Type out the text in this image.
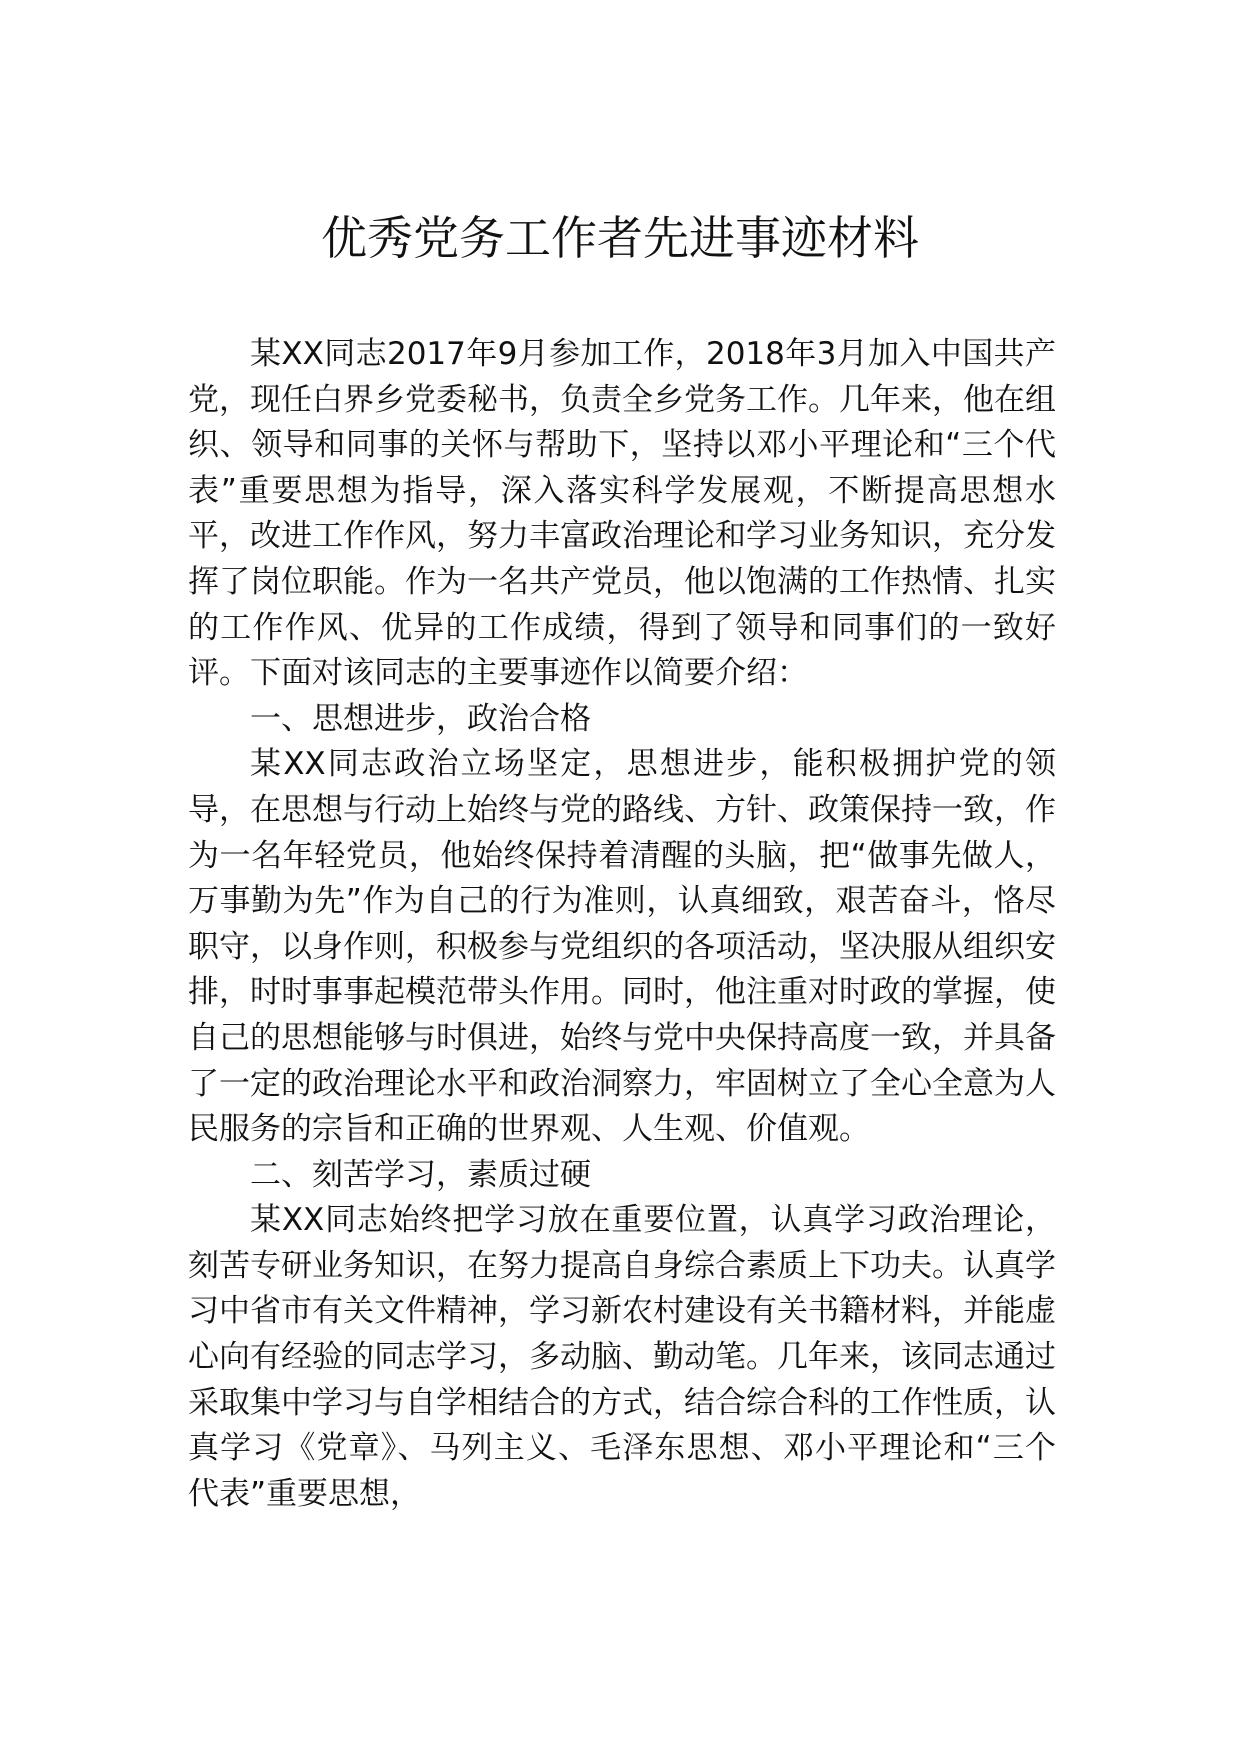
优秀党务工作者先进事迹材料

某XX同志2017年9月参加工作，2018年3月加入中国共产党，现任白界乡党委秘书，负责全乡党务工作。几年来，他在组织、领导和同事的关怀与帮助下，坚持以邓小平理论和“三个代表”重要思想为指导，深入落实科学发展观，不断提高思想水平，改进工作作风，努力丰富政治理论和学习业务知识，充分发挥了岗位职能。作为一名共产党员，他以饱满的工作热情、扎实的工作作风、优异的工作成绩，得到了领导和同事们的一致好评。下面对该同志的主要事迹作以简要介绍：

一、思想进步，政治合格

某XX同志政治立场坚定，思想进步，能积极拥护党的领导，在思想与行动上始终与党的路线、方针、政策保持一致，作为一名年轻党员，他始终保持着清醒的头脑，把“做事先做人，万事勤为先”作为自己的行为准则，认真细致，艰苦奋斗，恪尽职守，以身作则，积极参与党组织的各项活动，坚决服从组织安排，时时事事起模范带头作用。同时，他注重对时政的掌握，使自己的思想能够与时俱进，始终与党中央保持高度一致，并具备了一定的政治理论水平和政治洞察力，牢固树立了全心全意为人民服务的宗旨和正确的世界观、人生观、价值观。

二、刻苦学习，素质过硬

某XX同志始终把学习放在重要位置，认真学习政治理论，刻苦专研业务知识，在努力提高自身综合素质上下功夫。认真学习中省市有关文件精神，学习新农村建设有关书籍材料，并能虚心向有经验的同志学习，多动脑、勤动笔。几年来，该同志通过采取集中学习与自学相结合的方式，结合综合科的工作性质，认真学习《党章》、马列主义、毛泽东思想、邓小平理论和“三个代表”重要思想，
